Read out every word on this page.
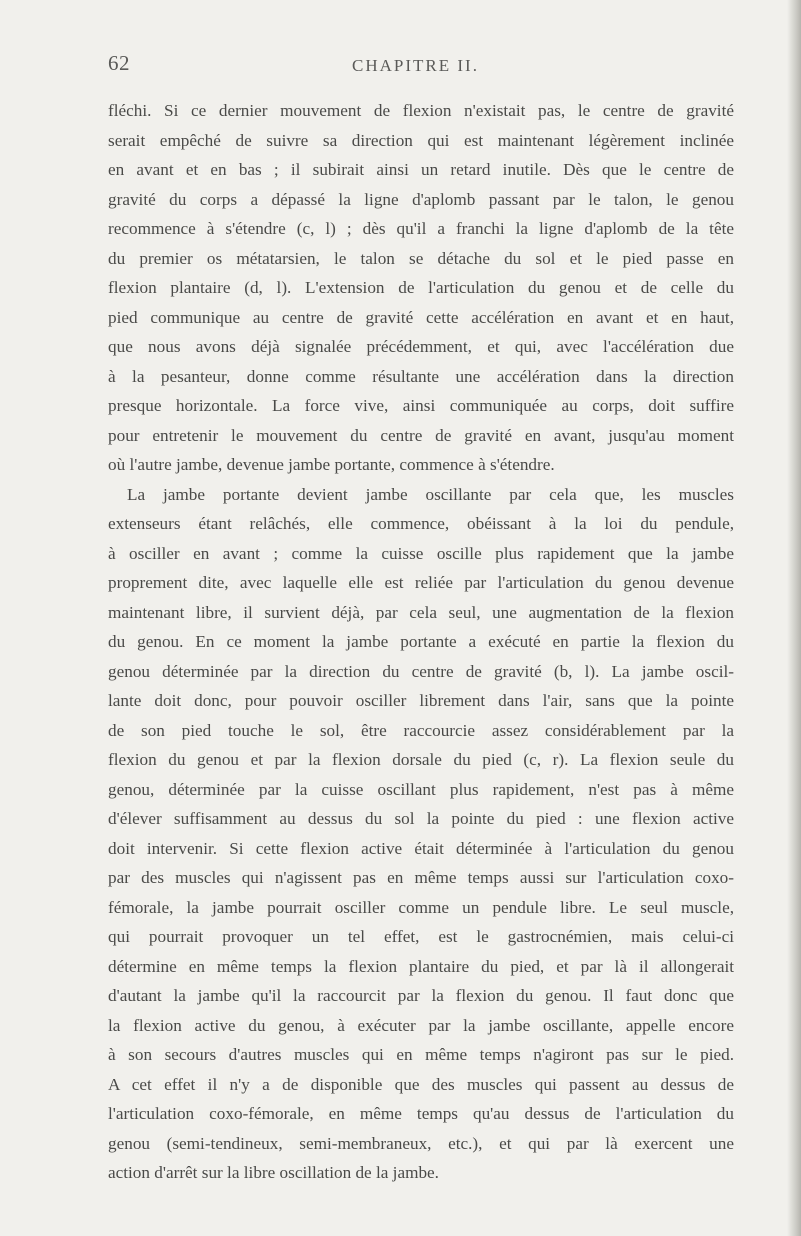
62	CHAPITRE II.
fléchi. Si ce dernier mouvement de flexion n'existait pas, le centre de gravité
serait empêché de suivre sa direction qui est maintenant légèrement inclinée
en avant et en bas ; il subirait ainsi un retard inutile. Dès que le centre de
gravité du corps a dépassé la ligne d'aplomb passant par le talon, le genou
recommence à s'étendre (c, l) ; dès qu'il a franchi la ligne d'aplomb de la tête
du premier os métatarsien, le talon se détache du sol et le pied passe en
flexion plantaire (d, l). L'extension de l'articulation du genou et de celle du
pied communique au centre de gravité cette accélération en avant et en haut,
que nous avons déjà signalée précédemment, et qui, avec l'accélération due
à la pesanteur, donne comme résultante une accélération dans la direction
presque horizontale. La force vive, ainsi communiquée au corps, doit suffire
pour entretenir le mouvement du centre de gravité en avant, jusqu'au moment
où l'autre jambe, devenue jambe portante, commence à s'étendre.
La jambe portante devient jambe oscillante par cela que, les muscles
extenseurs étant relâchés, elle commence, obéissant à la loi du pendule,
à osciller en avant ; comme la cuisse oscille plus rapidement que la jambe
proprement dite, avec laquelle elle est reliée par l'articulation du genou devenue
maintenant libre, il survient déjà, par cela seul, une augmentation de la flexion
du genou. En ce moment la jambe portante a exécuté en partie la flexion du
genou déterminée par la direction du centre de gravité (b, l). La jambe oscil-
lante doit donc, pour pouvoir osciller librement dans l'air, sans que la pointe
de son pied touche le sol, être raccourcie assez considérablement par la
flexion du genou et par la flexion dorsale du pied (c, r). La flexion seule du
genou, déterminée par la cuisse oscillant plus rapidement, n'est pas à même
d'élever suffisamment au dessus du sol la pointe du pied : une flexion active
doit intervenir. Si cette flexion active était déterminée à l'articulation du genou
par des muscles qui n'agissent pas en même temps aussi sur l'articulation coxo-
fémorale, la jambe pourrait osciller comme un pendule libre. Le seul muscle,
qui pourrait provoquer un tel effet, est le gastrocnémien, mais celui-ci
détermine en même temps la flexion plantaire du pied, et par là il allongerait
d'autant la jambe qu'il la raccourcit par la flexion du genou. Il faut donc que
la flexion active du genou, à exécuter par la jambe oscillante, appelle encore
à son secours d'autres muscles qui en même temps n'agiront pas sur le pied.
A cet effet il n'y a de disponible que des muscles qui passent au dessus de
l'articulation coxo-fémorale, en même temps qu'au dessus de l'articulation du
genou (semi-tendineux, semi-membraneux, etc.), et qui par là exercent une
action d'arrêt sur la libre oscillation de la jambe.
